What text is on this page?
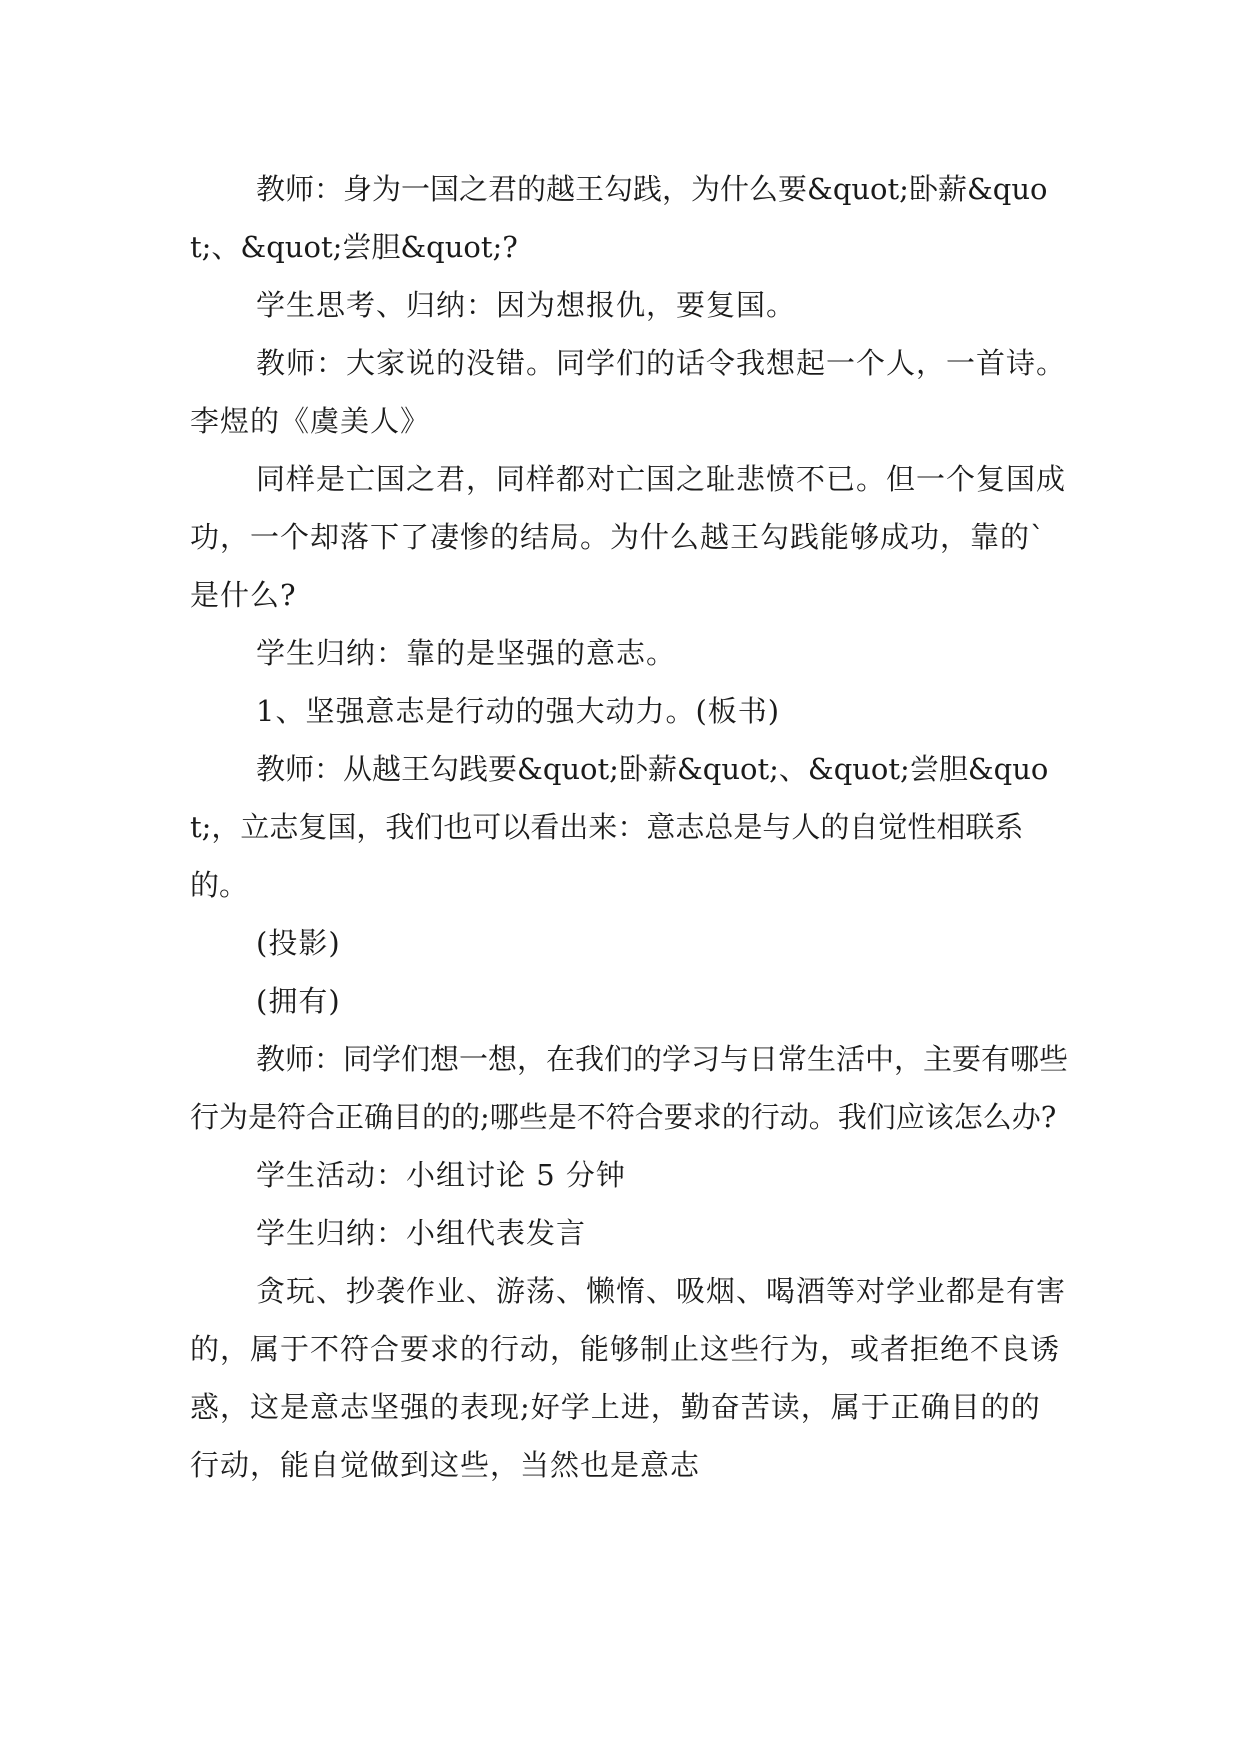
教师：身为一国之君的越王勾践，为什么要&quot;卧薪&quot;、&quot;尝胆&quot;?

学生思考、归纳：因为想报仇，要复国。

教师：大家说的没错。同学们的话令我想起一个人，一首诗。李煜的《虞美人》

同样是亡国之君，同样都对亡国之耻悲愤不已。但一个复国成功，一个却落下了凄惨的结局。为什么越王勾践能够成功，靠的`是什么?

学生归纳：靠的是坚强的意志。

1、坚强意志是行动的强大动力。(板书)

教师：从越王勾践要&quot;卧薪&quot;、&quot;尝胆&quot;，立志复国，我们也可以看出来：意志总是与人的自觉性相联系的。

(投影)

(拥有)

教师：同学们想一想，在我们的学习与日常生活中，主要有哪些行为是符合正确目的的;哪些是不符合要求的行动。我们应该怎么办?

学生活动：小组讨论 5 分钟

学生归纳：小组代表发言

贪玩、抄袭作业、游荡、懒惰、吸烟、喝酒等对学业都是有害的，属于不符合要求的行动，能够制止这些行为，或者拒绝不良诱惑，这是意志坚强的表现;好学上进，勤奋苦读，属于正确目的的行动，能自觉做到这些，当然也是意志
